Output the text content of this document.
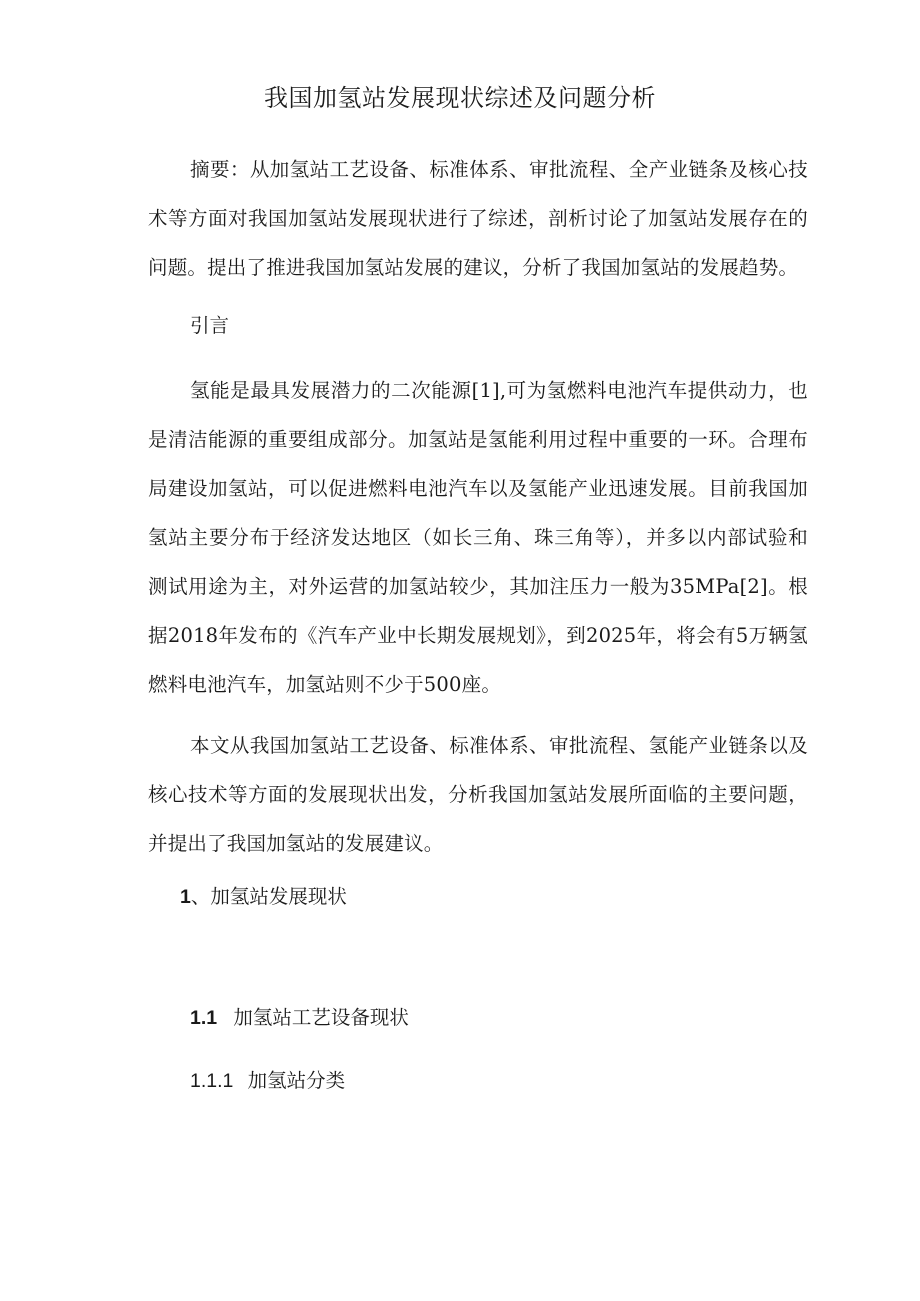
我国加氢站发展现状综述及问题分析
摘要：从加氢站工艺设备、标准体系、审批流程、全产业链条及核心技术等方面对我国加氢站发展现状进行了综述，剖析讨论了加氢站发展存在的问题。提出了推进我国加氢站发展的建议，分析了我国加氢站的发展趋势。
引言
氢能是最具发展潜力的二次能源[1],可为氢燃料电池汽车提供动力，也是清洁能源的重要组成部分。加氢站是氢能利用过程中重要的一环。合理布局建设加氢站，可以促进燃料电池汽车以及氢能产业迅速发展。目前我国加氢站主要分布于经济发达地区（如长三角、珠三角等），并多以内部试验和测试用途为主，对外运营的加氢站较少，其加注压力一般为35MPa[2]。根据2018年发布的《汽车产业中长期发展规划》，到2025年，将会有5万辆氢燃料电池汽车，加氢站则不少于500座。
本文从我国加氢站工艺设备、标准体系、审批流程、氢能产业链条以及核心技术等方面的发展现状出发，分析我国加氢站发展所面临的主要问题，并提出了我国加氢站的发展建议。
1、加氢站发展现状
1.1 加氢站工艺设备现状
1.1.1 加氢站分类
